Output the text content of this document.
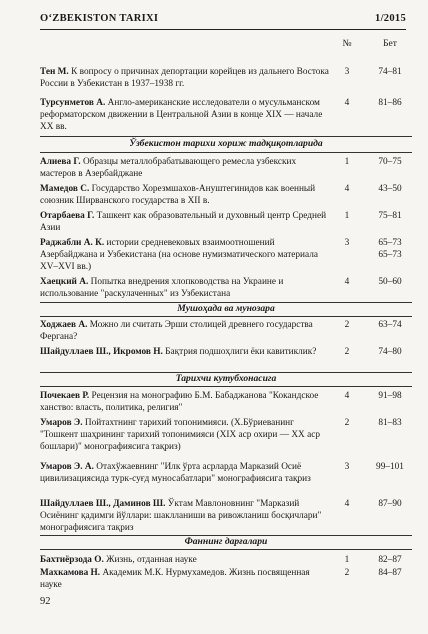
O‘ZBEKISTON TARIXI	1/2015
№	Бет
Тен М. К вопросу о причинах депортации корейцев из дальнего Востока России в Узбекистан в 1937–1938 гг.
3	74–81
Турсунметов А. Англо-американские исследователи о мусульманском реформаторском движении в Центральной Азии в конце XIX — начале XX вв.
4	81–86
Ўзбекистон тарихи хориж тадқиқотларида
Алиева Г. Образцы металлобрабатывающего ремесла узбекских мастеров в Азербайджане
1	70–75
Мамедов С. Государство Хорезмшахов-Ануштегинидов как военный союзник Ширванского государства в XII в.
4	43–50
Отарбаева Г. Ташкент как образовательный и духовный центр Средней Азии
1	75–81
Раджабли А. К. истории средневековых взаимоотношений Азербайджана и Узбекистана (на основе нумизматического материала XV–XVI вв.)
3	65–73
65–73
Хаецкий А. Попытка внедрения хлопководства на Украине и использование "раскулаченных" из Узбекистана
4	50–60
Мушоҳада ва мунозара
Ходжаев А. Можно ли считать Эрши столицей древнего государства Ферганa?
2	63–74
Шайдуллаев Ш., Икромов Н. Бақтрия подшоҳлиги ёки кавитиклик?	2	74–80
Тарихчи кутубхонасига
Почекаев Р. Рецензия на монографию Б.М. Бабаджанова "Кокандское ханство: власть, политика, религия"
4	91–98
Умаров Э. Пойтахтнинг тарихий топонимияси. (Х.Бўриеванинг "Тошкент шаҳрининг тарихий топонимияси (XIX аср охири — XX аср бошлари)" монографиясига тақриз)
2	81–83
Умаров Э. А. Отахўжаевнинг "Илк ўрта асрларда Марказий Осиё цивилизациясида турк-суғд муносабатлари" монографиясига тақриз
3	99–101
Шайдуллаев Ш., Даминов Ш. Ўктам Мавлоновнинг "Марказий Осиёнинг қадимги йўллари: шаклланиши ва ривожланиш босқичлари" монографиясига тақриз
4	87–90
Фаннинг дарғалари
Бахтиёрзода О. Жизнь, отданная науке	1	82–87
Махкамова Н. Академик М.К. Нурмухамедов. Жизнь посвященная науке
2	84–87
92
